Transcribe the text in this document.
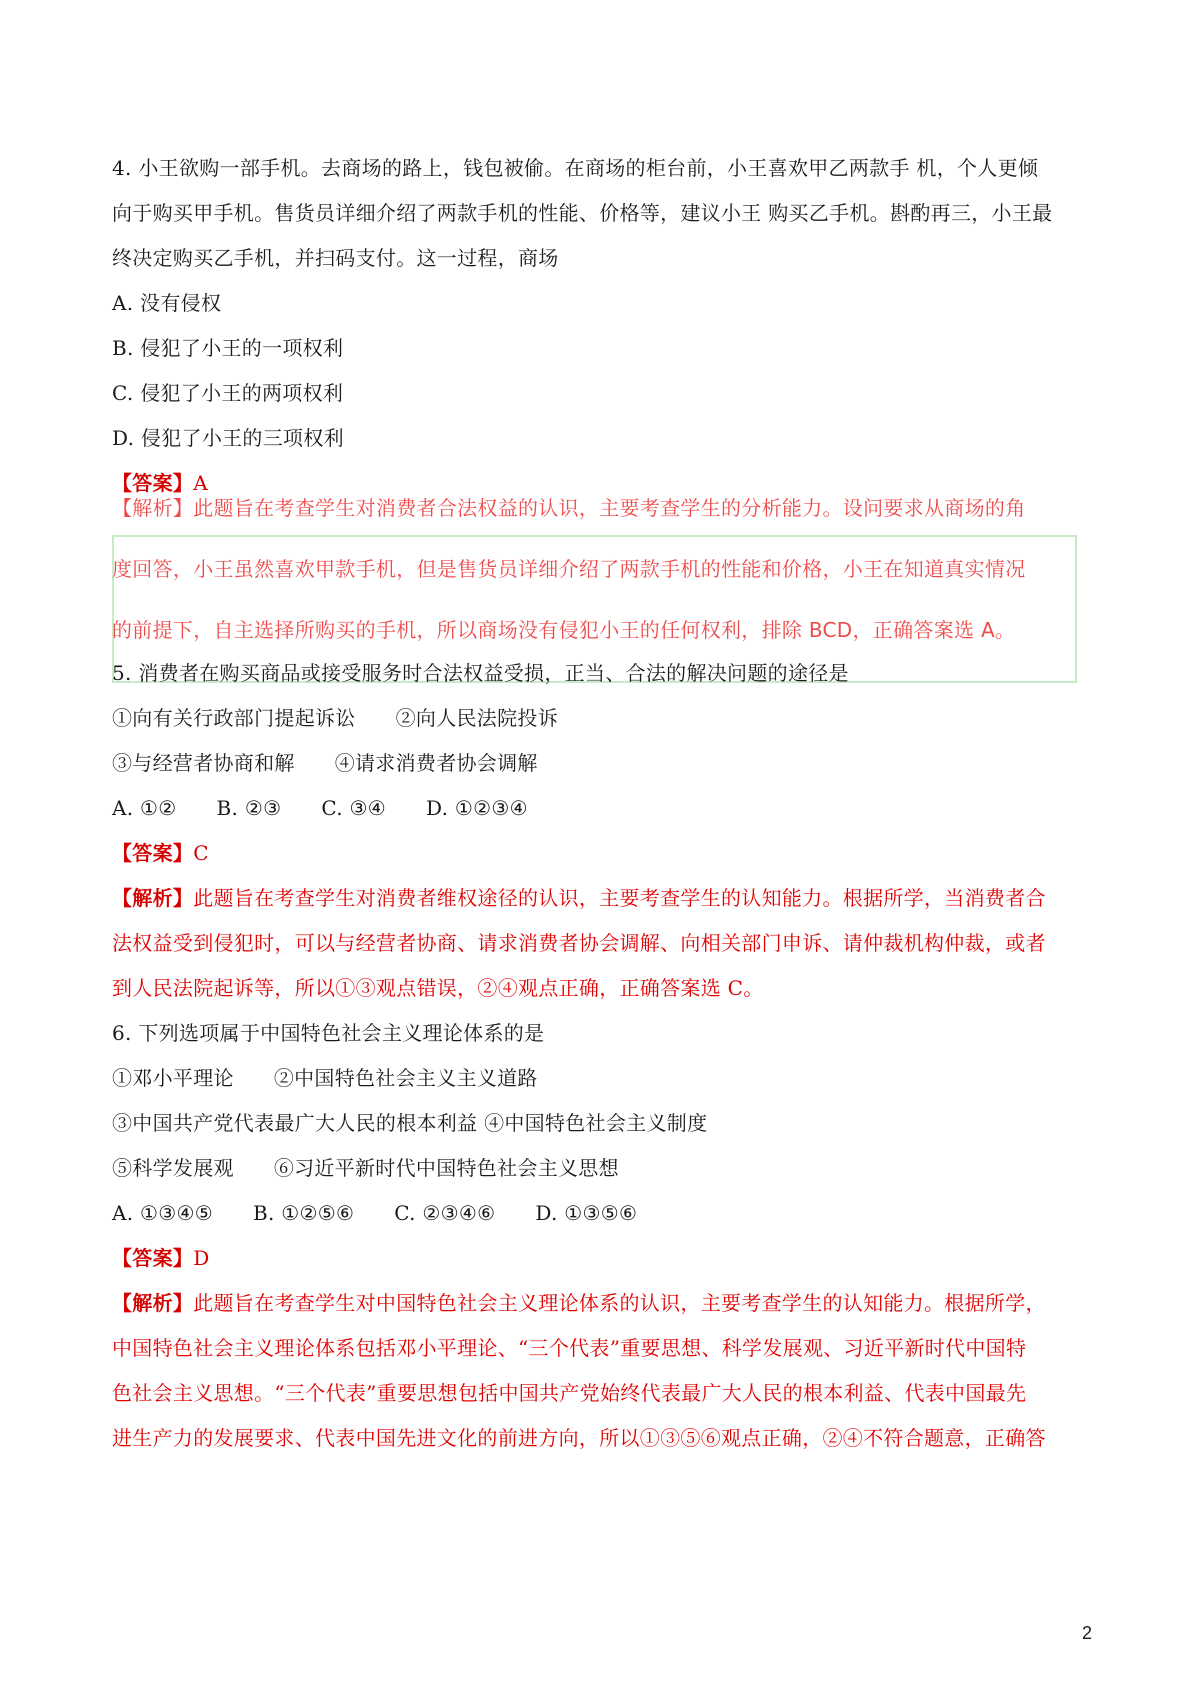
4. 小王欲购一部手机。去商场的路上，钱包被偷。在商场的柜台前，小王喜欢甲乙两款手 机，个人更倾
向于购买甲手机。售货员详细介绍了两款手机的性能、价格等，建议小王 购买乙手机。斟酌再三，小王最
终决定购买乙手机，并扫码支付。这一过程，商场
A. 没有侵权
B. 侵犯了小王的一项权利
C. 侵犯了小王的两项权利
D. 侵犯了小王的三项权利
【答案】A
【解析】此题旨在考查学生对消费者合法权益的认识，主要考查学生的分析能力。设问要求从商场的角
度回答，小王虽然喜欢甲款手机，但是售货员详细介绍了两款手机的性能和价格，小王在知道真实情况
的前提下，自主选择所购买的手机，所以商场没有侵犯小王的任何权利，排除 BCD，正确答案选 A。
5. 消费者在购买商品或接受服务时合法权益受损，正当、合法的解决问题的途径是
①向有关行政部门提起诉讼 ②向人民法院投诉
③与经营者协商和解 ④请求消费者协会调解
A. ①② B. ②③ C. ③④ D. ①②③④
【答案】C
【解析】此题旨在考查学生对消费者维权途径的认识，主要考查学生的认知能力。根据所学，当消费者合
法权益受到侵犯时，可以与经营者协商、请求消费者协会调解、向相关部门申诉、请仲裁机构仲裁，或者
到人民法院起诉等，所以①③观点错误，②④观点正确，正确答案选 C。
6. 下列选项属于中国特色社会主义理论体系的是
①邓小平理论 ②中国特色社会主义主义道路
③中国共产党代表最广大人民的根本利益 ④中国特色社会主义制度
⑤科学发展观 ⑥习近平新时代中国特色社会主义思想
A. ①③④⑤ B. ①②⑤⑥ C. ②③④⑥ D. ①③⑤⑥
【答案】D
【解析】此题旨在考查学生对中国特色社会主义理论体系的认识，主要考查学生的认知能力。根据所学，
中国特色社会主义理论体系包括邓小平理论、“三个代表”重要思想、科学发展观、习近平新时代中国特
色社会主义思想。“三个代表”重要思想包括中国共产党始终代表最广大人民的根本利益、代表中国最先
进生产力的发展要求、代表中国先进文化的前进方向，所以①③⑤⑥观点正确，②④不符合题意，正确答
2
